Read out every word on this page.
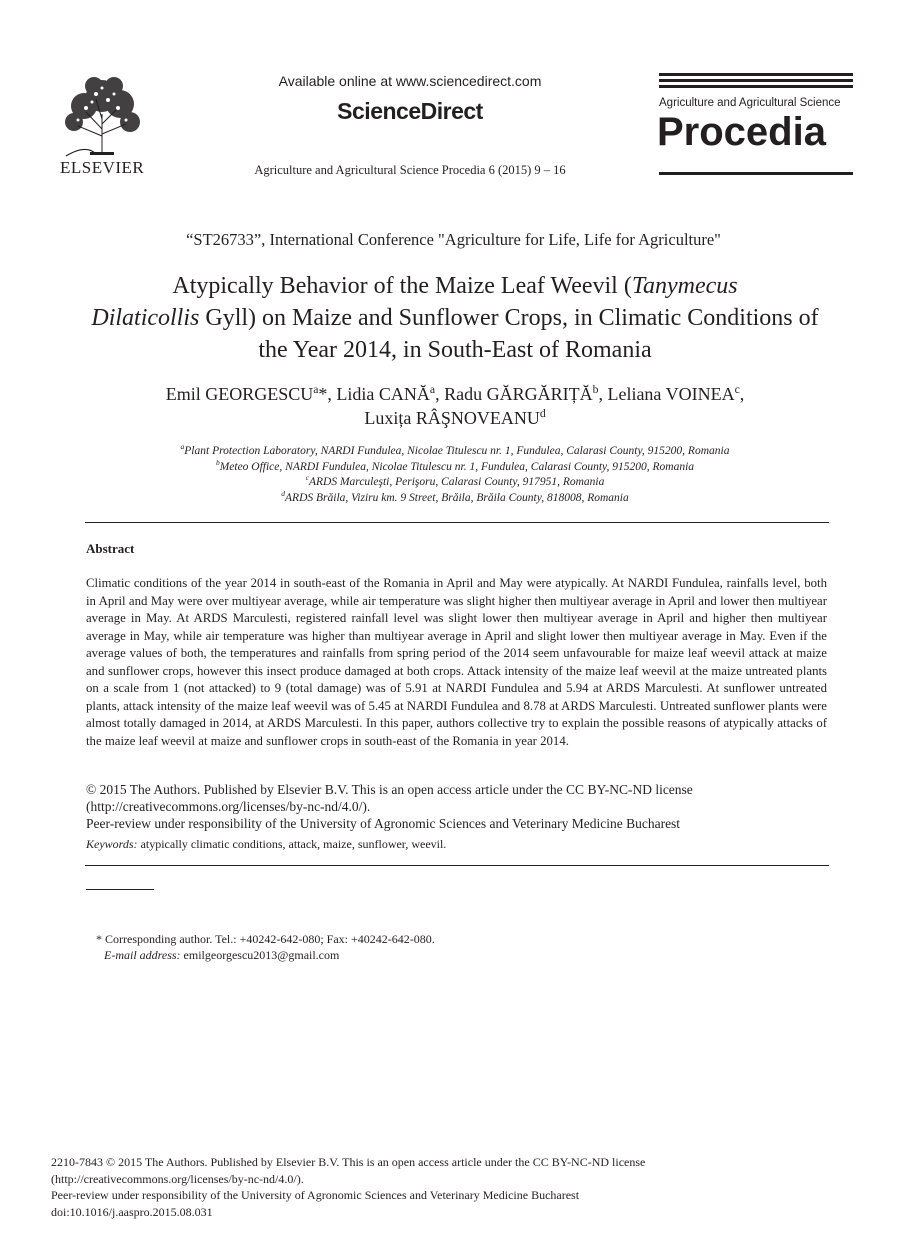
ELSEVIER
Available online at www.sciencedirect.com
ScienceDirect
Agriculture and Agricultural Science Procedia 6 (2015) 9 – 16
Agriculture and Agricultural Science
Procedia
“ST26733”, International Conference "Agriculture for Life, Life for Agriculture"
Atypically Behavior of the Maize Leaf Weevil (Tanymecus
Dilaticollis Gyll) on Maize and Sunflower Crops, in Climatic Conditions of the Year 2014, in South-East of Romania
Emil GEORGESCU$^a$*, Lidia CANĂ$^a$, Radu GĂRGĂRIȚĂ$^b$, Leliana VOINEA$^c$,
Luxița RÂŞNOVEANU$^d$
$^a$Plant Protection Laboratory, NARDI Fundulea, Nicolae Titulescu nr. 1, Fundulea, Calarasi County, 915200, Romania
$^b$Meteo Office, NARDI Fundulea, Nicolae Titulescu nr. 1, Fundulea, Calarasi County, 915200, Romania
$^c$ARDS Marculeşti, Perişoru, Calarasi County, 917951, Romania
$^d$ARDS Brăila, Viziru km. 9 Street, Brăila, Brăila County, 818008, Romania
Abstract
Climatic conditions of the year 2014 in south-east of the Romania in April and May were atypically. At NARDI Fundulea, rainfalls level, both in April and May were over multiyear average, while air temperature was slight higher then multiyear average in April and lower then multiyear average in May. At ARDS Marculesti, registered rainfall level was slight lower then multiyear average in April and higher then multiyear average in May, while air temperature was higher than multiyear average in April and slight lower then multiyear average in May. Even if the average values of both, the temperatures and rainfalls from spring period of the 2014 seem unfavourable for maize leaf weevil attack at maize and sunflower crops, however this insect produce damaged at both crops. Attack intensity of the maize leaf weevil at the maize untreated plants on a scale from 1 (not attacked) to 9 (total damage) was of 5.91 at NARDI Fundulea and 5.94 at ARDS Marculesti. At sunflower untreated plants, attack intensity of the maize leaf weevil was of 5.45 at NARDI Fundulea and 8.78 at ARDS Marculesti. Untreated sunflower plants were almost totally damaged in 2014, at ARDS Marculesti. In this paper, authors collective try to explain the possible reasons of atypically attacks of the maize leaf weevil at maize and sunflower crops in south-east of the Romania in year 2014.
© 2015 The Authors. Published by Elsevier B.V. This is an open access article under the CC BY-NC-ND license
(http://creativecommons.org/licenses/by-nc-nd/4.0/).
Peer-review under responsibility of the University of Agronomic Sciences and Veterinary Medicine Bucharest
Keywords: atypically climatic conditions, attack, maize, sunflower, weevil.
* Corresponding author. Tel.: +40242-642-080; Fax: +40242-642-080.
E-mail address: emilgeorgescu2013@gmail.com
2210-7843 © 2015 The Authors. Published by Elsevier B.V. This is an open access article under the CC BY-NC-ND license
(http://creativecommons.org/licenses/by-nc-nd/4.0/).
Peer-review under responsibility of the University of Agronomic Sciences and Veterinary Medicine Bucharest
doi:10.1016/j.aaspro.2015.08.031
